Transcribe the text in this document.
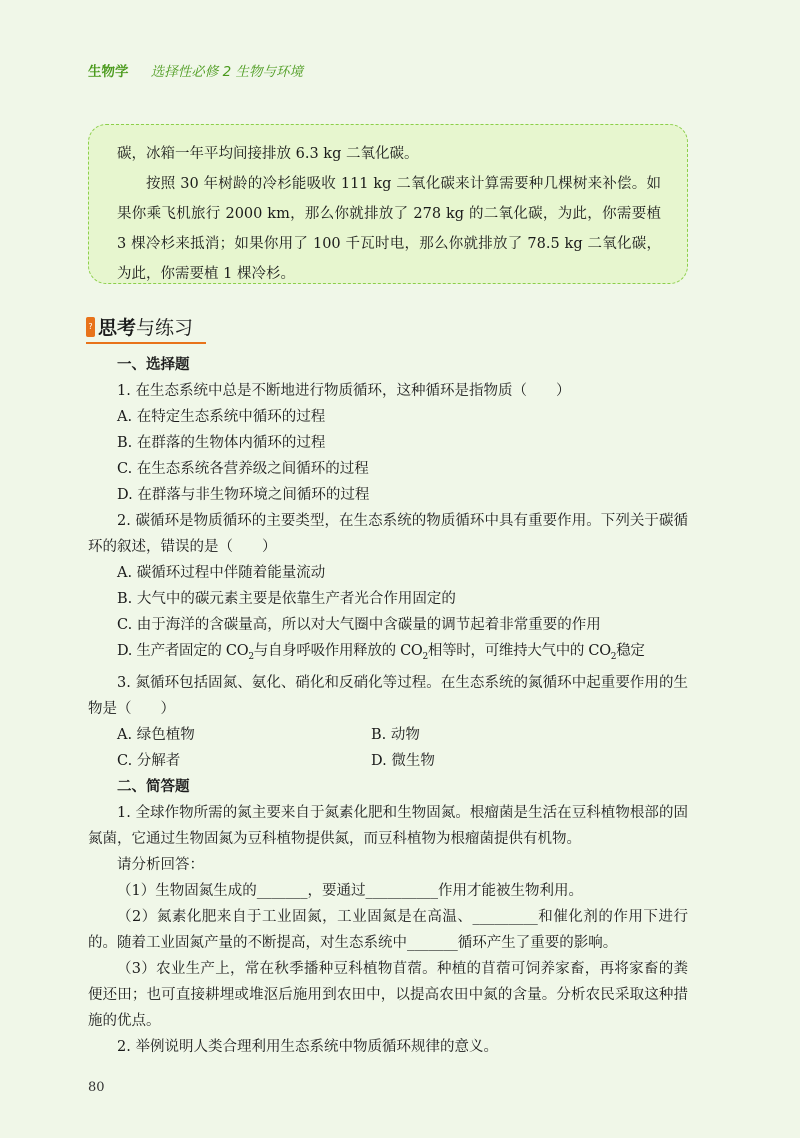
生物学 选择性必修 2 生物与环境

碳，冰箱一年平均间接排放 6.3 kg 二氧化碳。

按照 30 年树龄的冷杉能吸收 111 kg 二氧化碳来计算需要种几棵树来补偿。如果你乘飞机旅行 2000 km，那么你就排放了 278 kg 的二氧化碳，为此，你需要植 3 棵冷杉来抵消；如果你用了 100 千瓦时电，那么你就排放了 78.5 kg 二氧化碳，为此，你需要植 1 棵冷杉。

? 思考与练习

一、选择题

1. 在生态系统中总是不断地进行物质循环，这种循环是指物质（　　）

A. 在特定生态系统中循环的过程

B. 在群落的生物体内循环的过程

C. 在生态系统各营养级之间循环的过程

D. 在群落与非生物环境之间循环的过程

2. 碳循环是物质循环的主要类型，在生态系统的物质循环中具有重要作用。下列关于碳循环的叙述，错误的是（　　）

A. 碳循环过程中伴随着能量流动

B. 大气中的碳元素主要是依靠生产者光合作用固定的

C. 由于海洋的含碳量高，所以对大气圈中含碳量的调节起着非常重要的作用

D. 生产者固定的 $CO_2$与自身呼吸作用释放的 $CO_2$相等时，可维持大气中的 $CO_2$稳定

3. 氮循环包括固氮、氨化、硝化和反硝化等过程。在生态系统的氮循环中起重要作用的生物是（　　）

A. 绿色植物	B. 动物
C. 分解者	D. 微生物

二、简答题

1. 全球作物所需的氮主要来自于氮素化肥和生物固氮。根瘤菌是生活在豆科植物根部的固氮菌，它通过生物固氮为豆科植物提供氮，而豆科植物为根瘤菌提供有机物。

请分析回答：

（1）生物固氮生成的_______，要通过__________作用才能被生物利用。

（2）氮素化肥来自于工业固氮，工业固氮是在高温、_________和催化剂的作用下进行的。随着工业固氮产量的不断提高，对生态系统中_______循环产生了重要的影响。

（3）农业生产上，常在秋季播种豆科植物苜蓿。种植的苜蓿可饲养家畜，再将家畜的粪便还田；也可直接耕埋或堆沤后施用到农田中，以提高农田中氮的含量。分析农民采取这种措施的优点。

2. 举例说明人类合理利用生态系统中物质循环规律的意义。

80
